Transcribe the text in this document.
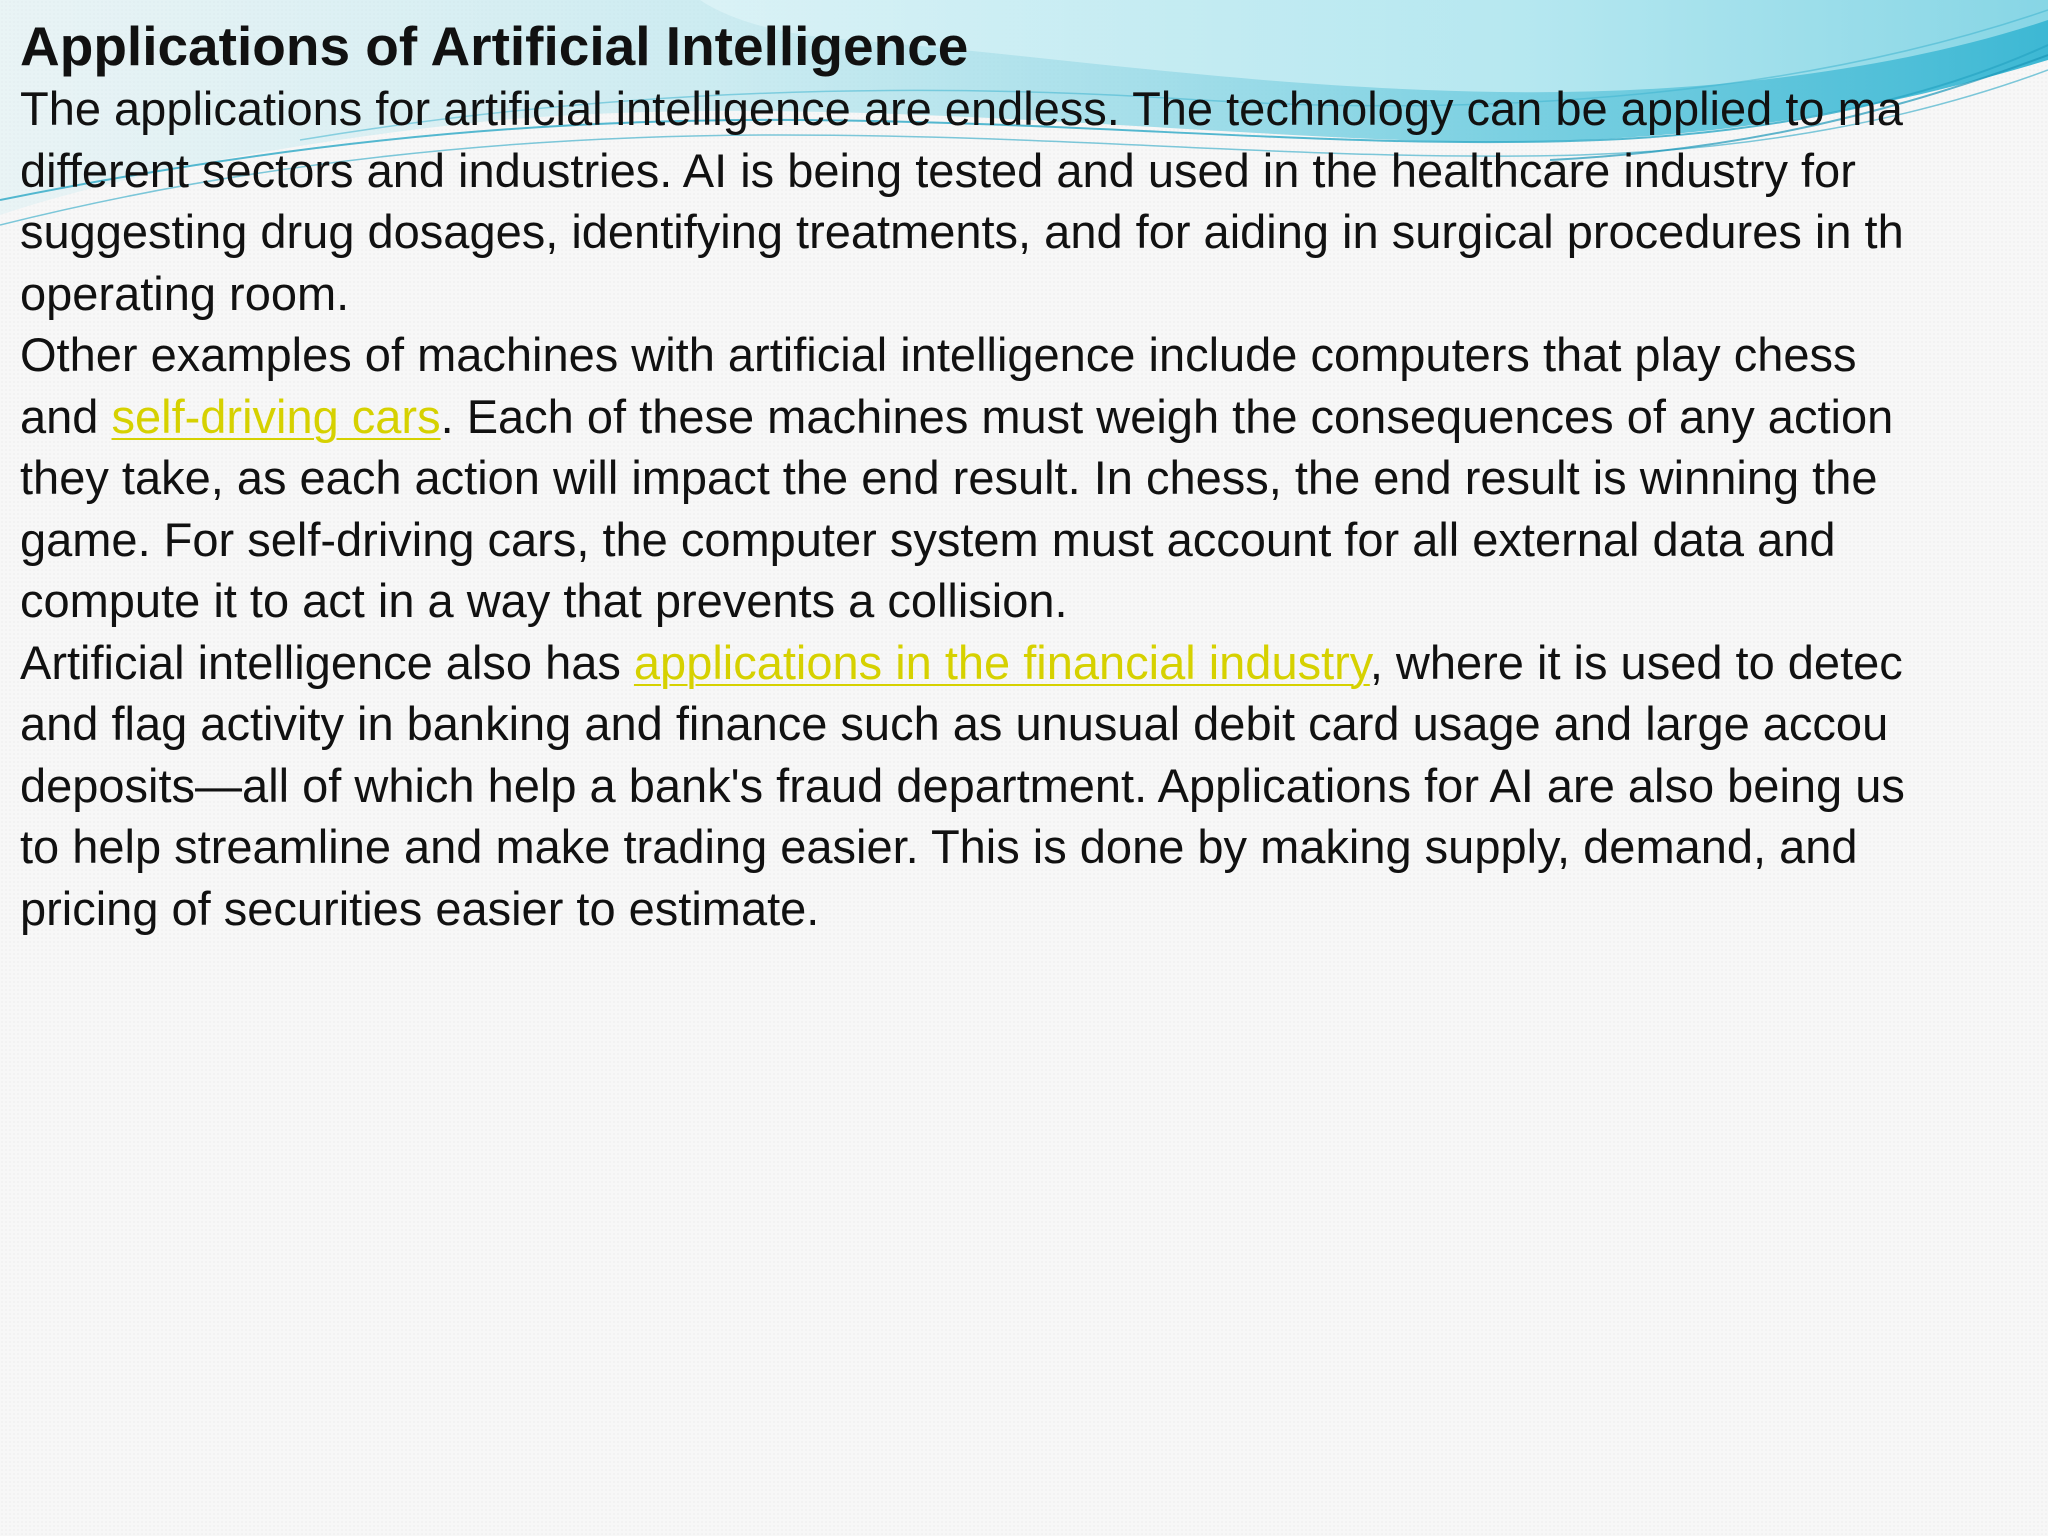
Applications of Artificial Intelligence
The applications for artificial intelligence are endless. The technology can be applied to ma
different sectors and industries. AI is being tested and used in the healthcare industry for
suggesting drug dosages, identifying treatments, and for aiding in surgical procedures in th
operating room.
Other examples of machines with artificial intelligence include computers that play chess
and self-driving cars. Each of these machines must weigh the consequences of any action
they take, as each action will impact the end result. In chess, the end result is winning the
game. For self-driving cars, the computer system must account for all external data and
compute it to act in a way that prevents a collision.
Artificial intelligence also has applications in the financial industry, where it is used to detec
and flag activity in banking and finance such as unusual debit card usage and large accou
deposits—all of which help a bank's fraud department. Applications for AI are also being us
to help streamline and make trading easier. This is done by making supply, demand, and
pricing of securities easier to estimate.
